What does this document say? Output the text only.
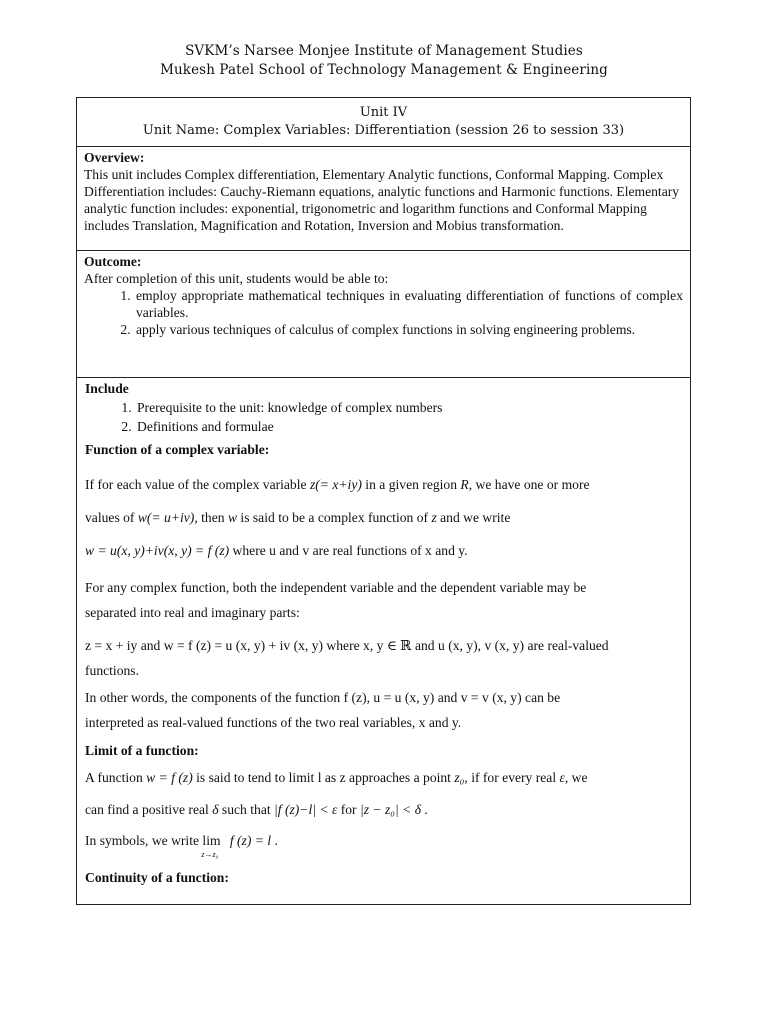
SVKM’s Narsee Monjee Institute of Management Studies
Mukesh Patel School of Technology Management & Engineering
Unit IV
Unit Name: Complex Variables: Differentiation (session 26 to session 33)
Overview:
This unit includes Complex differentiation, Elementary Analytic functions, Conformal Mapping. Complex Differentiation includes: Cauchy-Riemann equations, analytic functions and Harmonic functions. Elementary analytic function includes: exponential, trigonometric and logarithm functions and Conformal Mapping includes Translation, Magnification and Rotation, Inversion and Mobius transformation.
Outcome:
After completion of this unit, students would be able to:
1. employ appropriate mathematical techniques in evaluating differentiation of functions of complex variables.
2. apply various techniques of calculus of complex functions in solving engineering problems.
Include
1. Prerequisite to the unit: knowledge of complex numbers
2. Definitions and formulae
Function of a complex variable:
If for each value of the complex variable z(= x+iy) in a given region R, we have one or more
values of w(= u+iv), then w is said to be a complex function of z and we write
w = u(x, y)+iv(x, y) = f (z) where u and v are real functions of x and y.
For any complex function, both the independent variable and the dependent variable may be
separated into real and imaginary parts:
z = x + iy and w = f (z) = u (x, y) + iv (x, y) where x, y ∈ ℝ and u (x, y), v (x, y) are real-valued
functions.
In other words, the components of the function f (z), u = u (x, y) and v = v (x, y) can be
interpreted as real-valued functions of the two real variables, x and y.
Limit of a function:
A function w = f (z) is said to tend to limit l as z approaches a point z₀, if for every real ε, we
can find a positive real δ such that |f (z)−l| < ε for |z − z₀| < δ .
In symbols, we write lim
z→z₀
f (z) = l .
Continuity of a function:
